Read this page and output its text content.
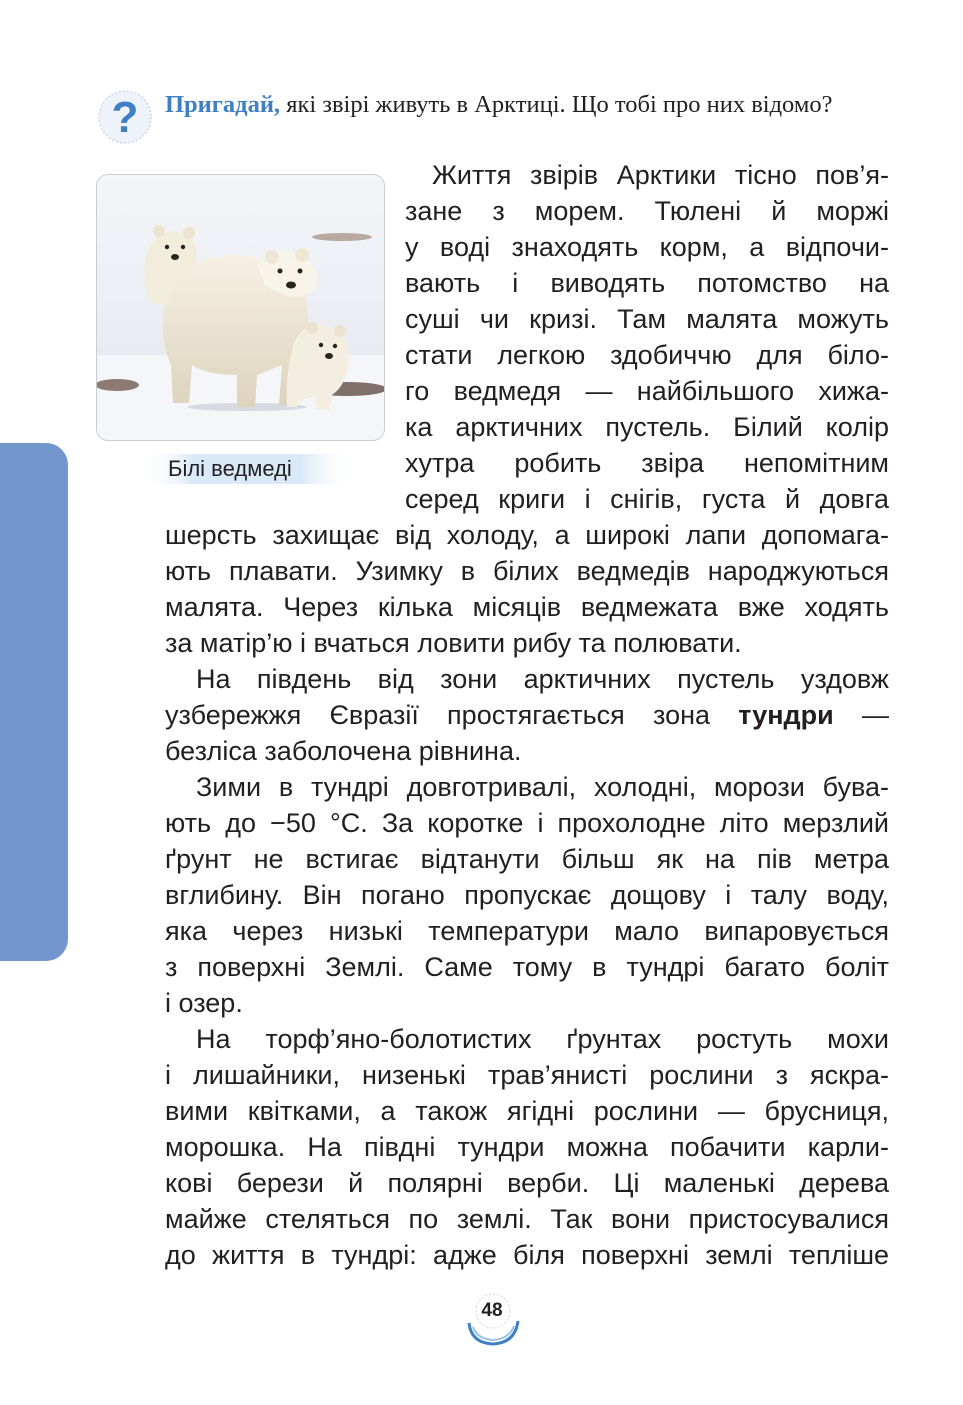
? Пригадай, які звірі живуть в Арктиці. Що тобі про них відомо?
Білі ведмеді
Життя звірів Арктики тісно пов’я-
зане з морем. Тюлені й моржі
у воді знаходять корм, а відпочи-
вають і виводять потомство на
суші чи кризі. Там малята можуть
стати легкою здобиччю для біло-
го ведмедя — найбільшого хижа-
ка арктичних пустель. Білий колір
хутра робить звіра непомітним
серед криги і снігів, густа й довга
шерсть захищає від холоду, а широкі лапи допомага-
ють плавати. Узимку в білих ведмедів народжуються
малята. Через кілька місяців ведмежата вже ходять
за матір’ю і вчаться ловити рибу та полювати.
На південь від зони арктичних пустель уздовж
узбережжя Євразії простягається зона тундри —
безліса заболочена рівнина.
Зими в тундрі довготривалі, холодні, морози бува-
ють до −50 °С. За коротке і прохолодне літо мерзлий
ґрунт не встигає відтанути більш як на пів метра
вглибину. Він погано пропускає дощову і талу воду,
яка через низькі температури мало випаровується
з поверхні Землі. Саме тому в тундрі багато боліт
і озер.
На торф’яно-болотистих ґрунтах ростуть мохи
і лишайники, низенькі трав’янисті рослини з яскра-
вими квітками, а також ягідні рослини — брусниця,
морошка. На півдні тундри можна побачити карли-
кові берези й полярні верби. Ці маленькі дерева
майже стеляться по землі. Так вони пристосувалися
до життя в тундрі: адже біля поверхні землі тепліше
48
